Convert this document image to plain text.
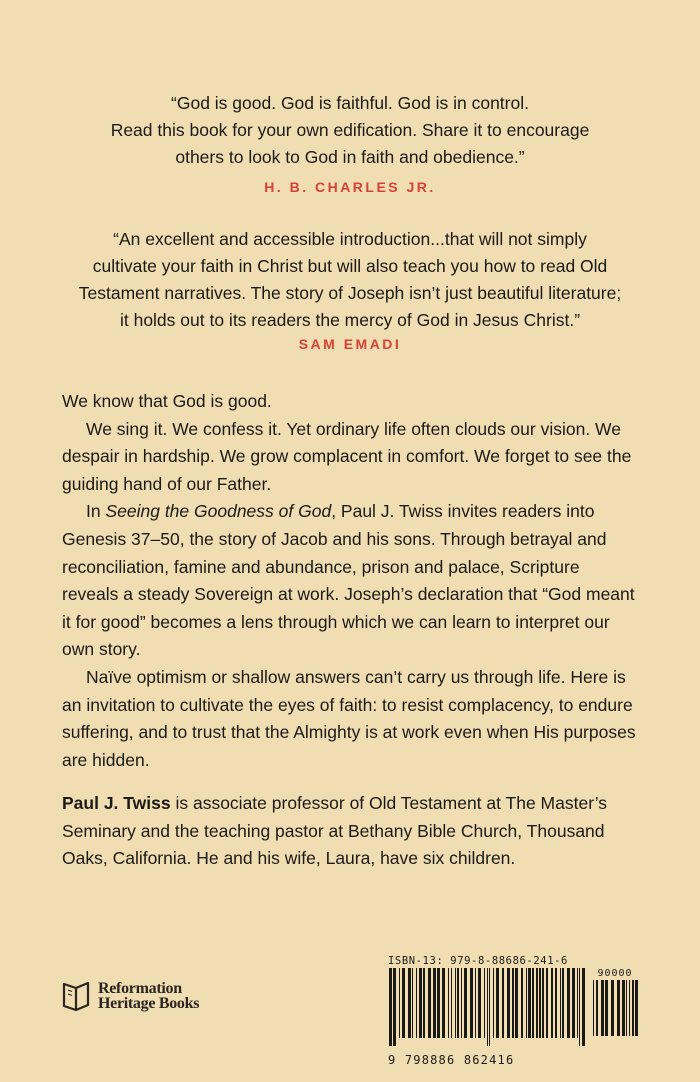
“God is good. God is faithful. God is in control.

Read this book for your own edification. Share it to encourage

others to look to God in faith and obedience.”

H. B. CHARLES JR.

“An excellent and accessible introduction...that will not simply

cultivate your faith in Christ but will also teach you how to read Old

Testament narratives. The story of Joseph isn’t just beautiful literature;

it holds out to its readers the mercy of God in Jesus Christ.”

SAM EMADI

We know that God is good.

We sing it. We confess it. Yet ordinary life often clouds our vision. We despair in hardship. We grow complacent in comfort. We forget to see the guiding hand of our Father.

In Seeing the Goodness of God, Paul J. Twiss invites readers into Genesis 37–50, the story of Jacob and his sons. Through betrayal and reconciliation, famine and abundance, prison and palace, Scripture reveals a steady Sovereign at work. Joseph’s declaration that “God meant it for good” becomes a lens through which we can learn to interpret our own story.

Naïve optimism or shallow answers can’t carry us through life. Here is an invitation to cultivate the eyes of faith: to resist complacency, to endure suffering, and to trust that the Almighty is at work even when His purposes are hidden.

Paul J. Twiss is associate professor of Old Testament at The Master’s Seminary and the teaching pastor at Bethany Bible Church, Thousand Oaks, California. He and his wife, Laura, have six children.

Reformation
Heritage Books
ISBN-13: 979-8-88686-241-6
90000
9 798886 862416
